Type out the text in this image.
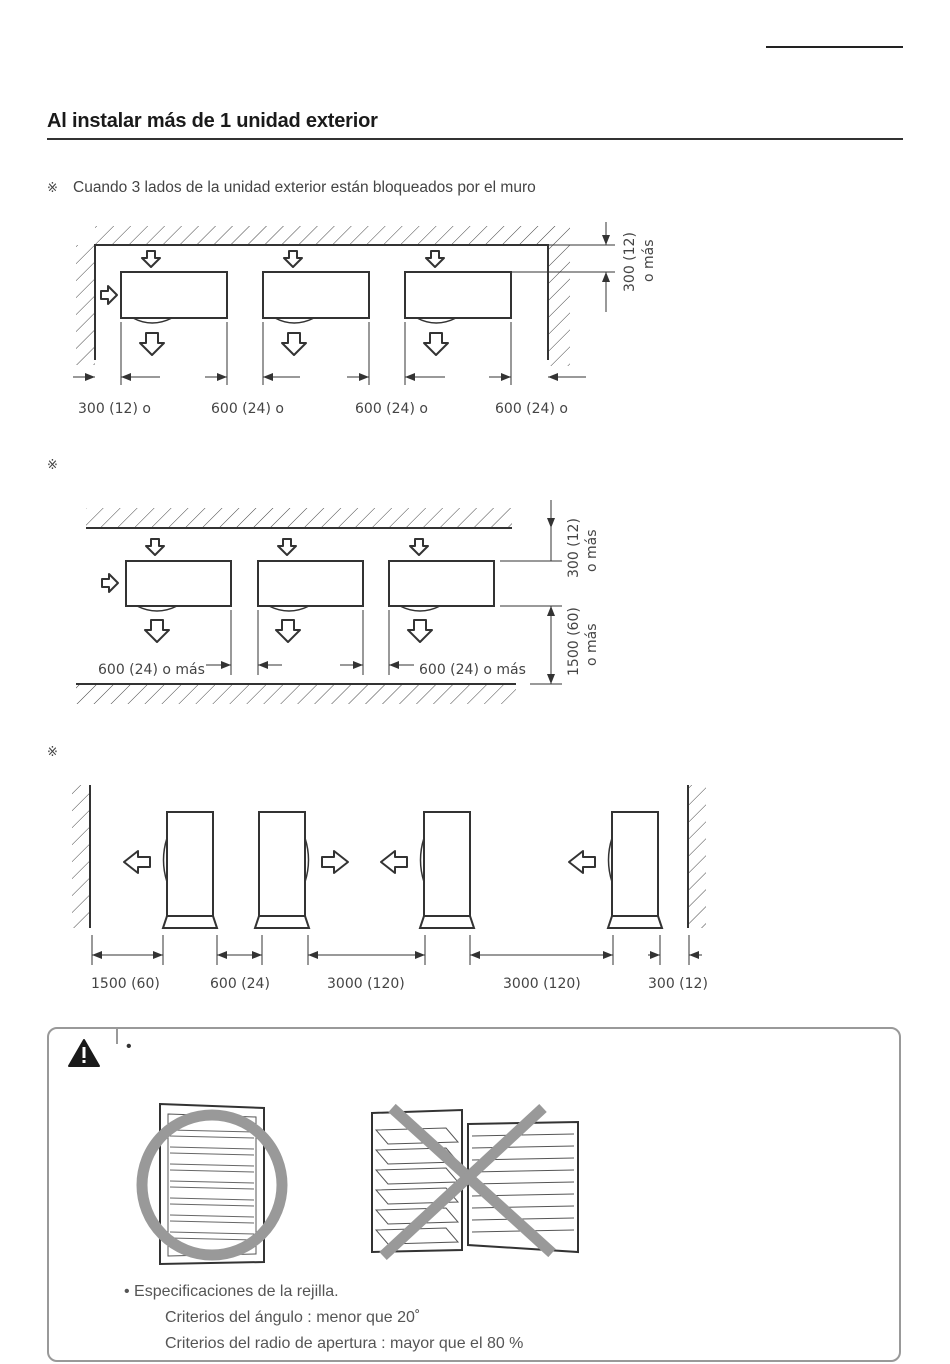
Al instalar más de 1 unidad exterior
※ Cuando 3 lados de la unidad exterior están bloqueados por el muro
300 (12) o más
300 (12) o más
1500 (60) o más
600 (24) o más	600 (24) o más
300 (12) o	600 (24) o	600 (24) o	600 (24) o
※
※
1500 (60)	600 (24)	3000 (120)	3000 (120)	300 (12)
•
• Especificaciones de la rejilla.
Criterios del ángulo : menor que 20˚
Criterios del radio de apertura : mayor que el 80 %
